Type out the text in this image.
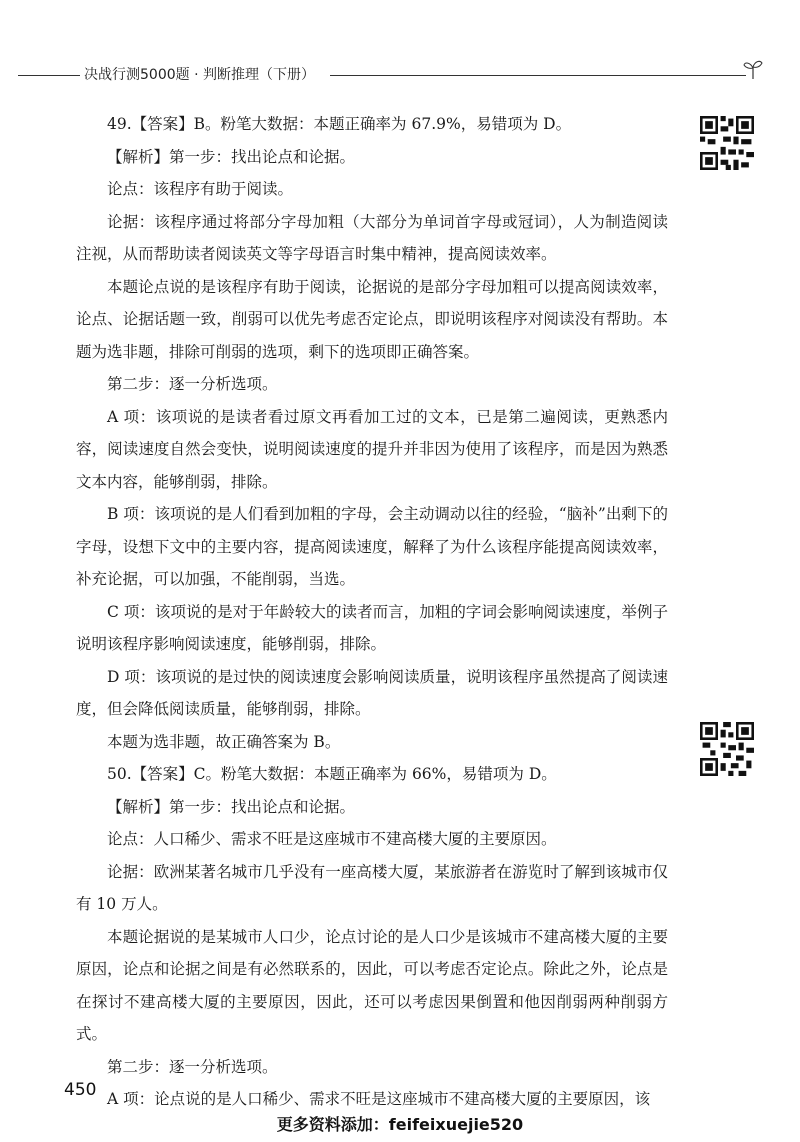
决战行测5000题 · 判断推理（下册）

49.【答案】B。粉笔大数据：本题正确率为 67.9%，易错项为 D。

【解析】第一步：找出论点和论据。

论点：该程序有助于阅读。

论据：该程序通过将部分字母加粗（大部分为单词首字母或冠词），人为制造阅读注视，从而帮助读者阅读英文等字母语言时集中精神，提高阅读效率。

本题论点说的是该程序有助于阅读，论据说的是部分字母加粗可以提高阅读效率，论点、论据话题一致，削弱可以优先考虑否定论点，即说明该程序对阅读没有帮助。本题为选非题，排除可削弱的选项，剩下的选项即正确答案。

第二步：逐一分析选项。

A 项：该项说的是读者看过原文再看加工过的文本，已是第二遍阅读，更熟悉内容，阅读速度自然会变快，说明阅读速度的提升并非因为使用了该程序，而是因为熟悉文本内容，能够削弱，排除。

B 项：该项说的是人们看到加粗的字母，会主动调动以往的经验，“脑补”出剩下的字母，设想下文中的主要内容，提高阅读速度，解释了为什么该程序能提高阅读效率，补充论据，可以加强，不能削弱，当选。

C 项：该项说的是对于年龄较大的读者而言，加粗的字词会影响阅读速度，举例子说明该程序影响阅读速度，能够削弱，排除。

D 项：该项说的是过快的阅读速度会影响阅读质量，说明该程序虽然提高了阅读速度，但会降低阅读质量，能够削弱，排除。

本题为选非题，故正确答案为 B。

50.【答案】C。粉笔大数据：本题正确率为 66%，易错项为 D。

【解析】第一步：找出论点和论据。

论点：人口稀少、需求不旺是这座城市不建高楼大厦的主要原因。

论据：欧洲某著名城市几乎没有一座高楼大厦，某旅游者在游览时了解到该城市仅有 10 万人。

本题论据说的是某城市人口少，论点讨论的是人口少是该城市不建高楼大厦的主要原因，论点和论据之间是有必然联系的，因此，可以考虑否定论点。除此之外，论点是在探讨不建高楼大厦的主要原因，因此，还可以考虑因果倒置和他因削弱两种削弱方式。

第二步：逐一分析选项。

A 项：论点说的是人口稀少、需求不旺是这座城市不建高楼大厦的主要原因，该

450
更多资料添加：feifeixuejie520
